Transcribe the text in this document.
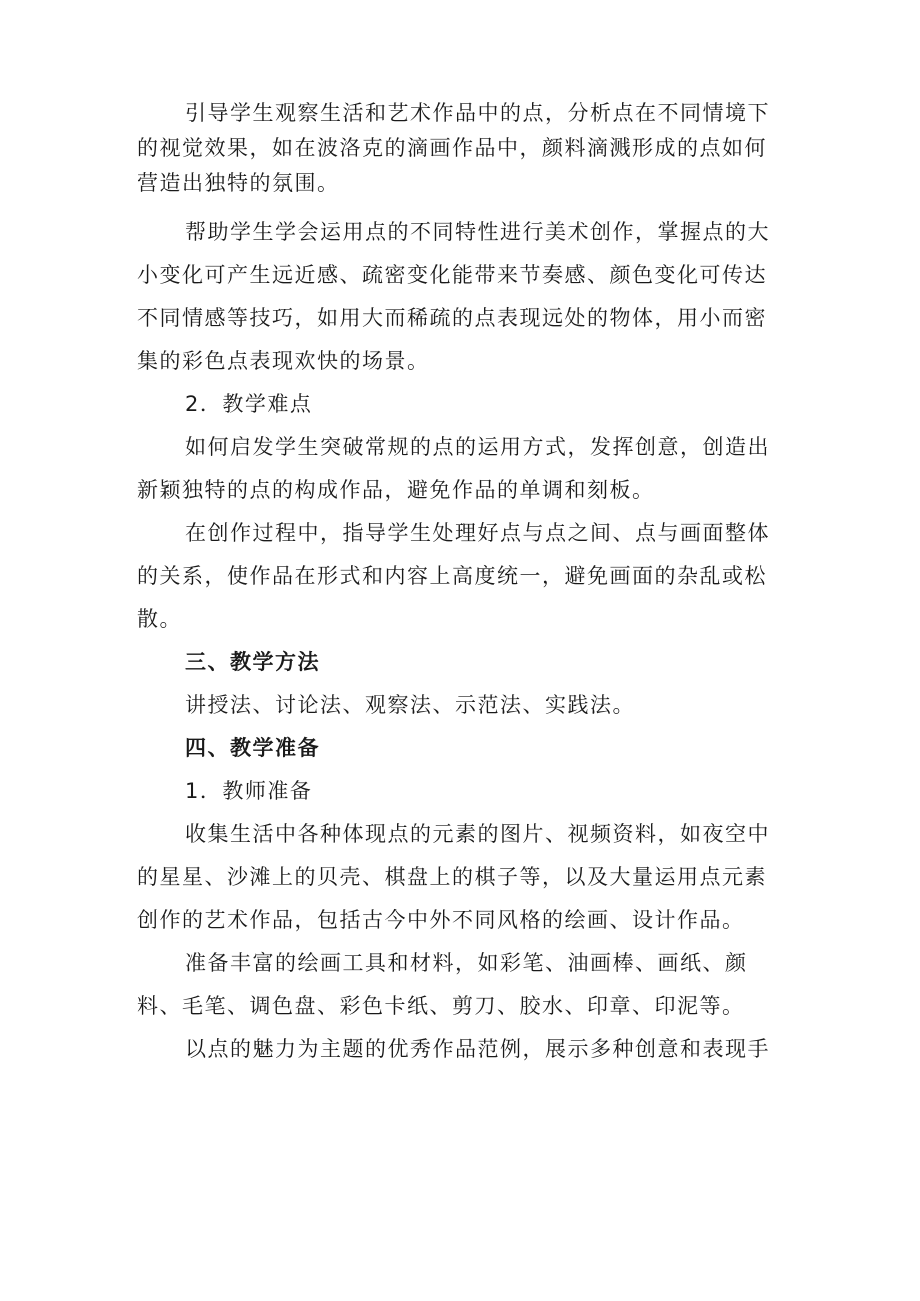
引导学生观察生活和艺术作品中的点，分析点在不同情境下的视觉效果，如在波洛克的滴画作品中，颜料滴溅形成的点如何营造出独特的氛围。

帮助学生学会运用点的不同特性进行美术创作，掌握点的大小变化可产生远近感、疏密变化能带来节奏感、颜色变化可传达不同情感等技巧，如用大而稀疏的点表现远处的物体，用小而密集的彩色点表现欢快的场景。

2．教学难点

如何启发学生突破常规的点的运用方式，发挥创意，创造出新颖独特的点的构成作品，避免作品的单调和刻板。

在创作过程中，指导学生处理好点与点之间、点与画面整体的关系，使作品在形式和内容上高度统一，避免画面的杂乱或松散。

三、教学方法

讲授法、讨论法、观察法、示范法、实践法。

四、教学准备

1．教师准备

收集生活中各种体现点的元素的图片、视频资料，如夜空中的星星、沙滩上的贝壳、棋盘上的棋子等，以及大量运用点元素创作的艺术作品，包括古今中外不同风格的绘画、设计作品。

准备丰富的绘画工具和材料，如彩笔、油画棒、画纸、颜料、毛笔、调色盘、彩色卡纸、剪刀、胶水、印章、印泥等。

以点的魅力为主题的优秀作品范例，展示多种创意和表现手
